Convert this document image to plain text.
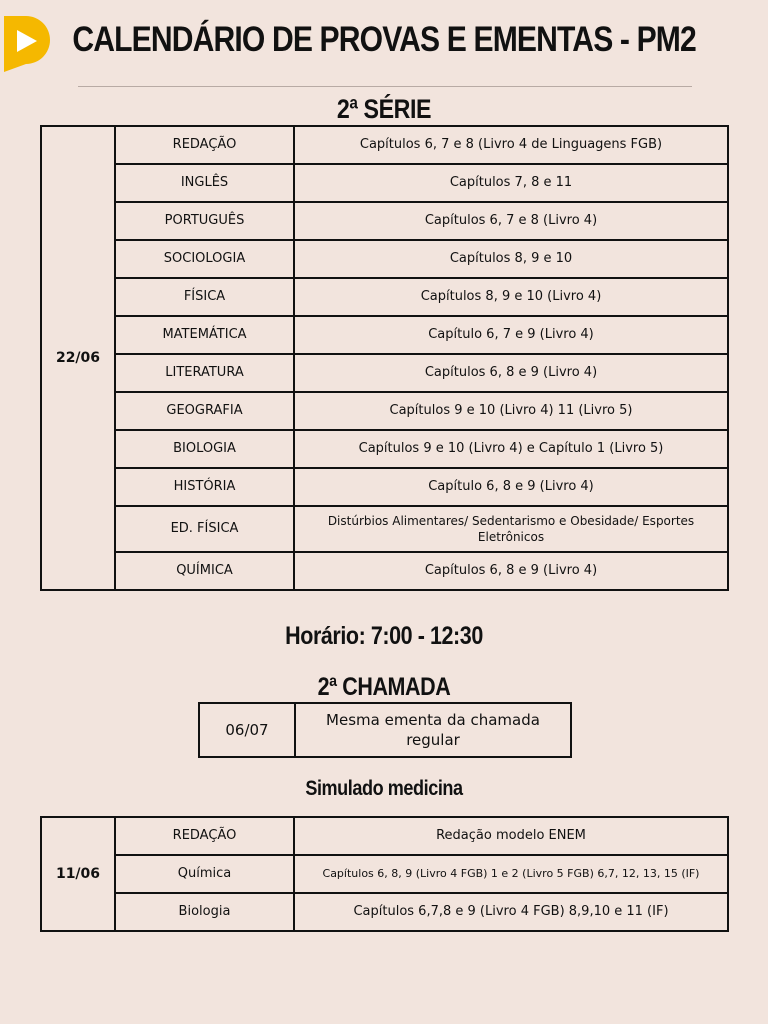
CALENDÁRIO DE PROVAS E EMENTAS - PM2
2ª SÉRIE
22/06	REDAÇÃO	Capítulos 6, 7 e 8 (Livro 4 de Linguagens FGB)
	INGLÊS	Capítulos 7, 8 e 11
	PORTUGUÊS	Capítulos 6, 7 e 8 (Livro 4)
	SOCIOLOGIA	Capítulos 8, 9 e 10
	FÍSICA	Capítulos 8, 9 e 10 (Livro 4)
	MATEMÁTICA	Capítulo 6, 7 e 9 (Livro 4)
	LITERATURA	Capítulos 6, 8 e 9 (Livro 4)
	GEOGRAFIA	Capítulos 9 e 10 (Livro 4) 11 (Livro 5)
	BIOLOGIA	Capítulos 9 e 10 (Livro 4) e Capítulo 1 (Livro 5)
	HISTÓRIA	Capítulo 6, 8 e 9 (Livro 4)
	ED. FÍSICA	Distúrbios Alimentares/ Sedentarismo e Obesidade/ Esportes Eletrônicos
	QUÍMICA	Capítulos 6, 8 e 9 (Livro 4)
Horário: 7:00 - 12:30
2ª CHAMADA
06/07	Mesma ementa da chamada regular
Simulado medicina
11/06	REDAÇÃO	Redação modelo ENEM
	Química	Capítulos 6, 8, 9 (Livro 4 FGB) 1 e 2 (Livro 5 FGB) 6,7, 12, 13, 15 (IF)
	Biologia	Capítulos 6,7,8 e 9 (Livro 4 FGB) 8,9,10 e 11 (IF)
